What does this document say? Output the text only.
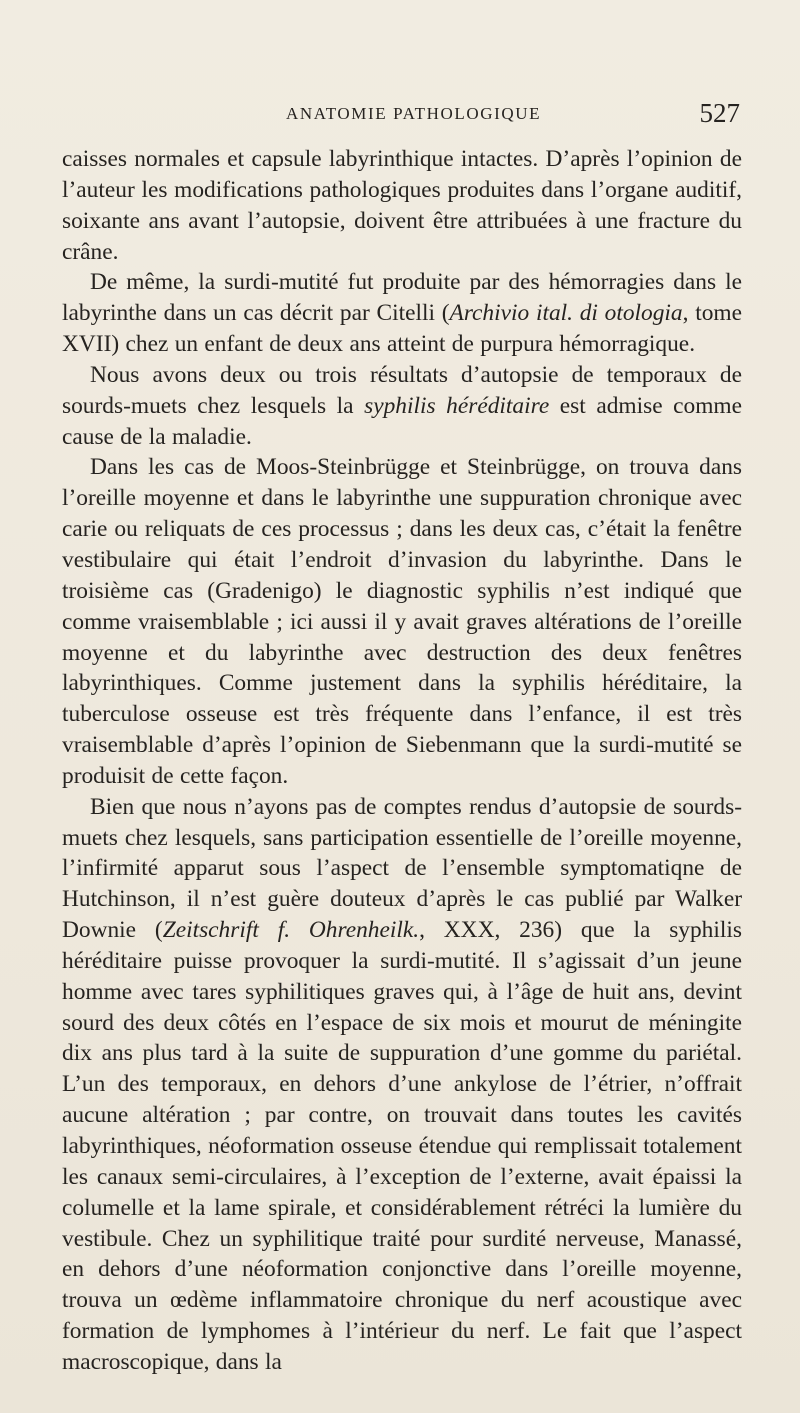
ANATOMIE PATHOLOGIQUE	527

caisses normales et capsule labyrinthique intactes. D’après l’opinion de l’auteur les modifications pathologiques produites dans l’organe auditif, soixante ans avant l’autopsie, doivent être attribuées à une fracture du crâne.

De même, la surdi-mutité fut produite par des hémorragies dans le labyrinthe dans un cas décrit par Citelli (Archivio ital. di otologia, tome XVII) chez un enfant de deux ans atteint de purpura hémorragique.

Nous avons deux ou trois résultats d’autopsie de temporaux de sourds-muets chez lesquels la syphilis héréditaire est admise comme cause de la maladie.

Dans les cas de Moos-Steinbrügge et Steinbrügge, on trouva dans l’oreille moyenne et dans le labyrinthe une suppuration chronique avec carie ou reliquats de ces processus ; dans les deux cas, c’était la fenêtre vestibulaire qui était l’endroit d’invasion du labyrinthe. Dans le troisième cas (Gradenigo) le diagnostic syphilis n’est indiqué que comme vraisemblable ; ici aussi il y avait graves altérations de l’oreille moyenne et du labyrinthe avec destruction des deux fenêtres labyrinthiques. Comme justement dans la syphilis héréditaire, la tuberculose osseuse est très fréquente dans l’enfance, il est très vraisemblable d’après l’opinion de Siebenmann que la surdi-mutité se produisit de cette façon.

Bien que nous n’ayons pas de comptes rendus d’autopsie de sourds-muets chez lesquels, sans participation essentielle de l’oreille moyenne, l’infirmité apparut sous l’aspect de l’ensemble symptomatiqne de Hutchinson, il n’est guère douteux d’après le cas publié par Walker Downie (Zeitschrift f. Ohrenheilk., XXX, 236) que la syphilis héréditaire puisse provoquer la surdi-mutité. Il s’agissait d’un jeune homme avec tares syphilitiques graves qui, à l’âge de huit ans, devint sourd des deux côtés en l’espace de six mois et mourut de méningite dix ans plus tard à la suite de suppuration d’une gomme du pariétal. L’un des temporaux, en dehors d’une ankylose de l’étrier, n’offrait aucune altération ; par contre, on trouvait dans toutes les cavités labyrinthiques, néoformation osseuse étendue qui remplissait totalement les canaux semi-circulaires, à l’exception de l’externe, avait épaissi la columelle et la lame spirale, et considérablement rétréci la lumière du vestibule. Chez un syphilitique traité pour surdité nerveuse, Manassé, en dehors d’une néoformation conjonctive dans l’oreille moyenne, trouva un œdème inflammatoire chronique du nerf acoustique avec formation de lymphomes à l’intérieur du nerf. Le fait que l’aspect macroscopique, dans la
